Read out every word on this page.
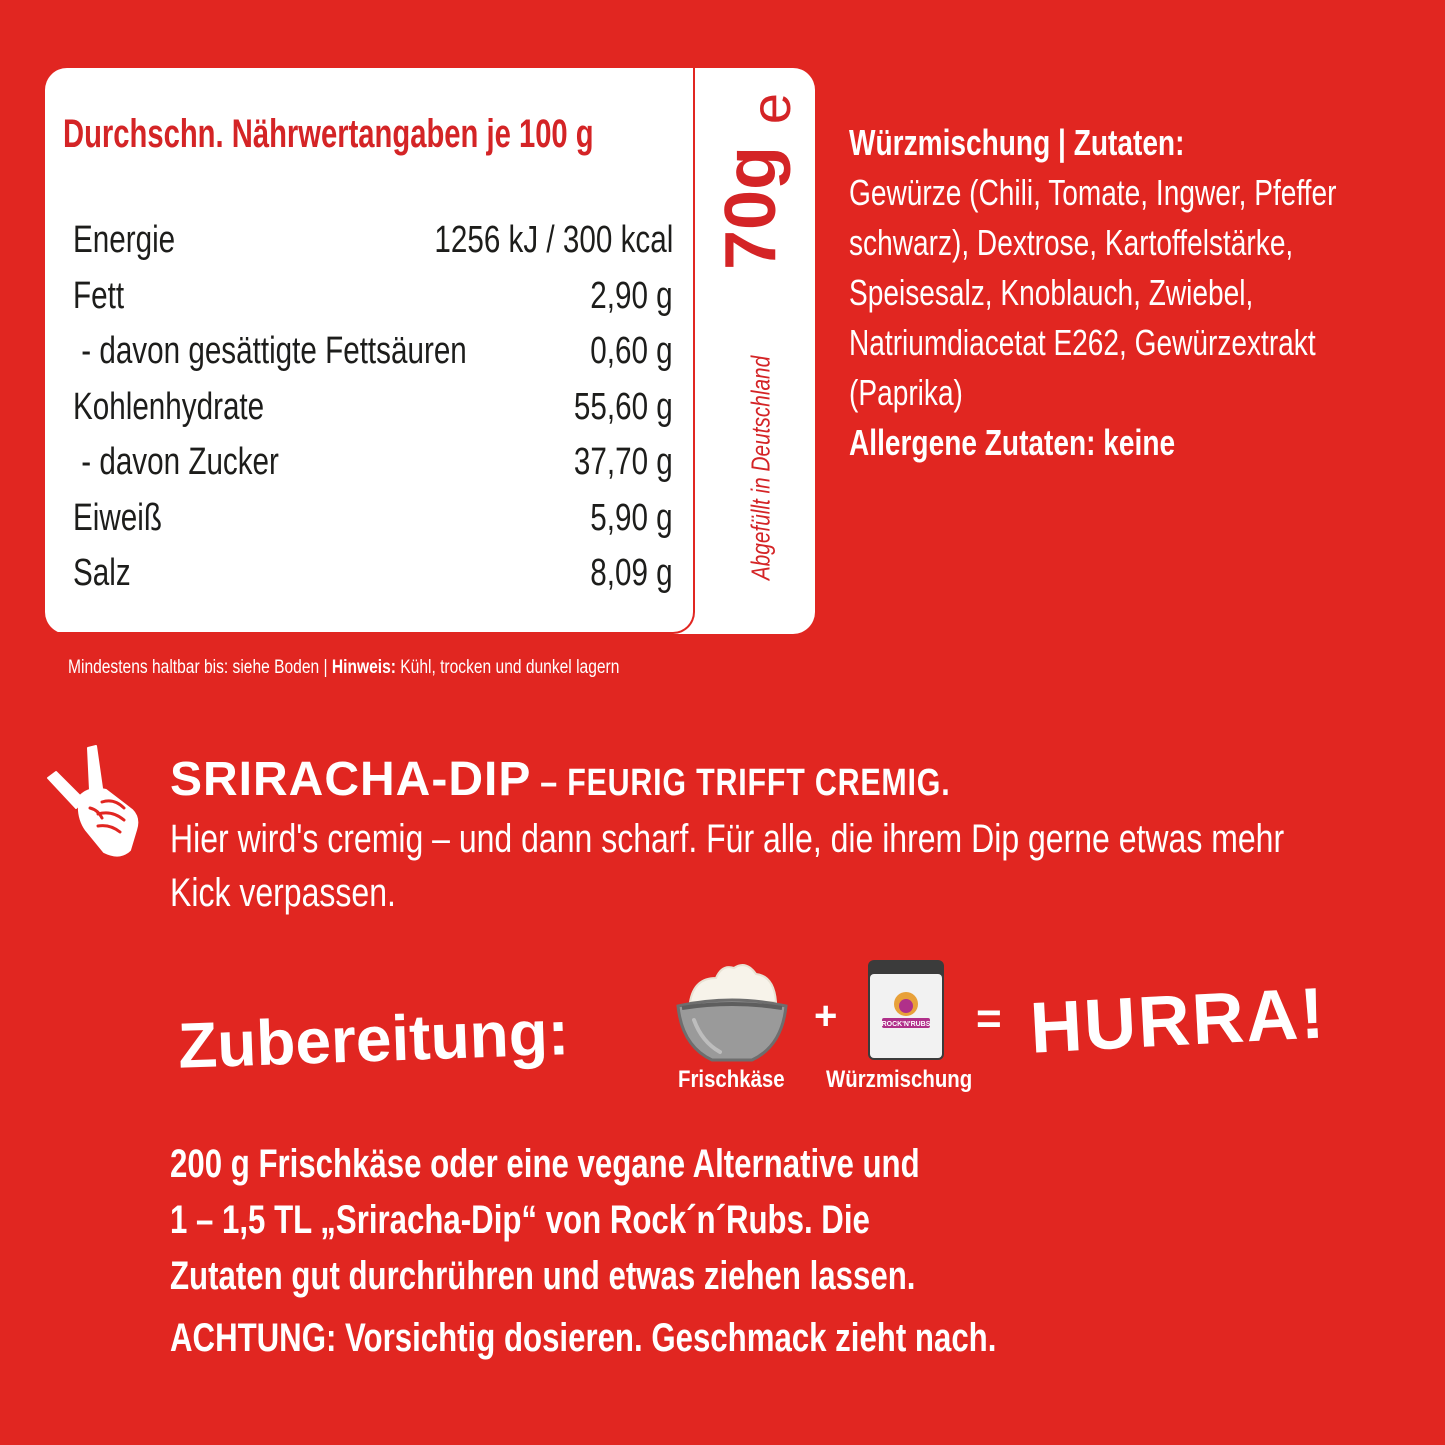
Durchschn. Nährwertangaben je 100 g
Energie	1256 kJ / 300 kcal
Fett	2,90 g
- davon gesättigte Fettsäuren	0,60 g
Kohlenhydrate	55,60 g
- davon Zucker	37,70 g
Eiweiß	5,90 g
Salz	8,09 g
e
70g
Abgefüllt in Deutschland
Mindestens haltbar bis: siehe Boden | Hinweis: Kühl, trocken und dunkel lagern
Würzmischung | Zutaten:
Gewürze (Chili, Tomate, Ingwer, Pfeffer
schwarz), Dextrose, Kartoffelstärke,
Speisesalz, Knoblauch, Zwiebel,
Natriumdiacetat E262, Gewürzextrakt
(Paprika)
Allergene Zutaten: keine
SRIRACHA-DIP – FEURIG TRIFFT CREMIG.
Hier wird's cremig – und dann scharf. Für alle, die ihrem Dip gerne etwas mehr
Kick verpassen.
Zubereitung:	+	ROCK'N'RUBS = HURRA!
Frischkäse Würzmischung
200 g Frischkäse oder eine vegane Alternative und
1 – 1,5 TL „Sriracha-Dip“ von Rock´n´Rubs. Die
Zutaten gut durchrühren und etwas ziehen lassen.
ACHTUNG: Vorsichtig dosieren. Geschmack zieht nach.
